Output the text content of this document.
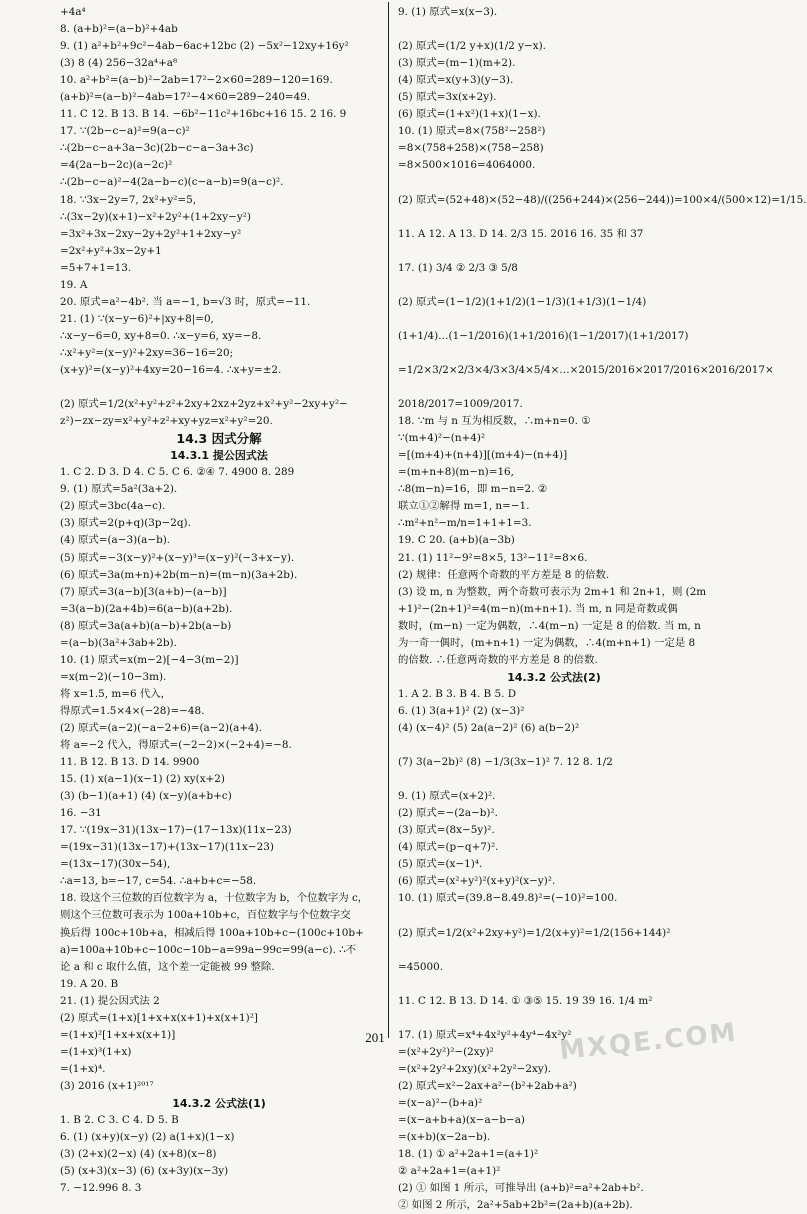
+4a⁴
8. (a+b)²=(a−b)²+4ab
9. (1) a²+b²+9c²−4ab−6ac+12bc (2) −5x²−12xy+16y²
(3) 8 (4) 256−32a⁴+a⁸
10. a²+b²=(a−b)²−2ab=17²−2×60=289−120=169.
(a+b)²=(a−b)²−4ab=17²−4×60=289−240=49.
11. C 12. B 13. B 14. −6b²−11c²+16bc+16 15. 2 16. 9
17. ∵(2b−c−a)²=9(a−c)²
∴(2b−c−a+3a−3c)(2b−c−a−3a+3c)
=4(2a−b−2c)(a−2c)²
∴(2b−c−a)²−4(2a−b−c)(c−a−b)=9(a−c)².
18. ∵3x−2y=7, 2x²+y²=5,
∴(3x−2y)(x+1)−x²+2y²+(1+2xy−y²)
=3x²+3x−2xy−2y+2y²+1+2xy−y²
=2x²+y²+3x−2y+1
=5+7+1=13.
19. A
20. 原式=a²−4b². 当 a=−1, b=√3 时，原式=−11.
21. (1) ∵(x−y−6)²+|xy+8|=0,
∴x−y−6=0, xy+8=0. ∴x−y=6, xy=−8.
∴x²+y²=(x−y)²+2xy=36−16=20;
(x+y)²=(x−y)²+4xy=20−16=4. ∴x+y=±2.
(2) 原式=1/2(x²+y²+z²+2xy+2xz+2yz+x²+y²−2xy+y²−
z²)−zx−zy=x²+y²+z²+xy+yz=x²+y²=20.
14.3 因式分解
14.3.1 提公因式法
1. C 2. D 3. D 4. C 5. C 6. ②④ 7. 4900 8. 289
9. (1) 原式=5a²(3a+2).
(2) 原式=3bc(4a−c).
(3) 原式=2(p+q)(3p−2q).
(4) 原式=(a−3)(a−b).
(5) 原式=−3(x−y)²+(x−y)³=(x−y)²(−3+x−y).
(6) 原式=3a(m+n)+2b(m−n)=(m−n)(3a+2b).
(7) 原式=3(a−b)[3(a+b)−(a−b)]
=3(a−b)(2a+4b)=6(a−b)(a+2b).
(8) 原式=3a(a+b)(a−b)+2b(a−b)
=(a−b)(3a²+3ab+2b).
10. (1) 原式=x(m−2)[−4−3(m−2)]
=x(m−2)(−10−3m).
将 x=1.5, m=6 代入，
得原式=1.5×4×(−28)=−48.
(2) 原式=(a−2)(−a−2+6)=(a−2)(a+4).
将 a=−2 代入，得原式=(−2−2)×(−2+4)=−8.
11. B 12. B 13. D 14. 9900
15. (1) x(a−1)(x−1) (2) xy(x+2)
(3) (b−1)(a+1) (4) (x−y)(a+b+c)
16. −31
17. ∵(19x−31)(13x−17)−(17−13x)(11x−23)
=(19x−31)(13x−17)+(13x−17)(11x−23)
=(13x−17)(30x−54),
∴a=13, b=−17, c=54. ∴a+b+c=−58.
18. 设这个三位数的百位数字为 a，十位数字为 b，个位数字为 c，
则这个三位数可表示为 100a+10b+c，百位数字与个位数字交
换后得 100c+10b+a，相减后得 100a+10b+c−(100c+10b+
a)=100a+10b+c−100c−10b−a=99a−99c=99(a−c). ∴不
论 a 和 c 取什么值，这个差一定能被 99 整除.
19. A 20. B
21. (1) 提公因式法 2
(2) 原式=(1+x)[1+x+x(x+1)+x(x+1)²]
=(1+x)²[1+x+x(x+1)]
=(1+x)³(1+x)
=(1+x)⁴.
(3) 2016 (x+1)²⁰¹⁷
14.3.2 公式法(1)
1. B 2. C 3. C 4. D 5. B
6. (1) (x+y)(x−y) (2) a(1+x)(1−x)
(3) (2+x)(2−x) (4) (x+8)(x−8)
(5) (x+3)(x−3) (6) (x+3y)(x−3y)
7. −12.996 8. 3
9. (1) 原式=x(x−3).
(2) 原式=(1/2 y+x)(1/2 y−x).
(3) 原式=(m−1)(m+2).
(4) 原式=x(y+3)(y−3).
(5) 原式=3x(x+2y).
(6) 原式=(1+x²)(1+x)(1−x).
10. (1) 原式=8×(758²−258²)
=8×(758+258)×(758−258)
=8×500×1016=4064000.
(2) 原式=(52+48)×(52−48)/((256+244)×(256−244))=100×4/(500×12)=1/15.
11. A 12. A 13. D 14. 2/3 15. 2016 16. 35 和 37
17. (1) 3/4 ② 2/3 ③ 5/8
(2) 原式=(1−1/2)(1+1/2)(1−1/3)(1+1/3)(1−1/4)
(1+1/4)…(1−1/2016)(1+1/2016)(1−1/2017)(1+1/2017)
=1/2×3/2×2/3×4/3×3/4×5/4×…×2015/2016×2017/2016×2016/2017×
2018/2017=1009/2017.
18. ∵m 与 n 互为相反数，∴m+n=0. ①
∵(m+4)²−(n+4)²
=[(m+4)+(n+4)][(m+4)−(n+4)]
=(m+n+8)(m−n)=16,
∴8(m−n)=16，即 m−n=2. ②
联立①②解得 m=1, n=−1.
∴m²+n²−m/n=1+1+1=3.
19. C 20. (a+b)(a−3b)
21. (1) 11²−9²=8×5, 13²−11²=8×6.
(2) 规律：任意两个奇数的平方差是 8 的倍数.
(3) 设 m, n 为整数，两个奇数可表示为 2m+1 和 2n+1，则 (2m
+1)²−(2n+1)²=4(m−n)(m+n+1). 当 m, n 同是奇数或偶
数时，(m−n) 一定为偶数，∴4(m−n) 一定是 8 的倍数. 当 m, n
为一奇一偶时，(m+n+1) 一定为偶数，∴4(m+n+1) 一定是 8
的倍数. ∴任意两奇数的平方差是 8 的倍数.
14.3.2 公式法(2)
1. A 2. B 3. B 4. B 5. D
6. (1) 3(a+1)² (2) (x−3)²
(4) (x−4)² (5) 2a(a−2)² (6) a(b−2)²
(7) 3(a−2b)² (8) −1/3(3x−1)² 7. 12 8. 1/2
9. (1) 原式=(x+2)².
(2) 原式=−(2a−b)².
(3) 原式=(8x−5y)².
(4) 原式=(p−q+7)².
(5) 原式=(x−1)⁴.
(6) 原式=(x²+y²)²(x+y)²(x−y)².
10. (1) 原式=(39.8−8.49.8)²=(−10)²=100.
(2) 原式=1/2(x²+2xy+y²)=1/2(x+y)²=1/2(156+144)²
=45000.
11. C 12. B 13. D 14. ① ③⑤ 15. 19 39 16. 1/4 m²
17. (1) 原式=x⁴+4x²y²+4y⁴−4x²y²
=(x²+2y²)²−(2xy)²
=(x²+2y²+2xy)(x²+2y²−2xy).
(2) 原式=x²−2ax+a²−(b²+2ab+a²)
=(x−a)²−(b+a)²
=(x−a+b+a)(x−a−b−a)
=(x+b)(x−2a−b).
18. (1) ① a²+2a+1=(a+1)²
② a²+2a+1=(a+1)²
(2) ① 如图 1 所示，可推导出 (a+b)²=a²+2ab+b².
② 如图 2 所示，2a²+5ab+2b²=(2a+b)(a+2b).
201	MXQE.COM
